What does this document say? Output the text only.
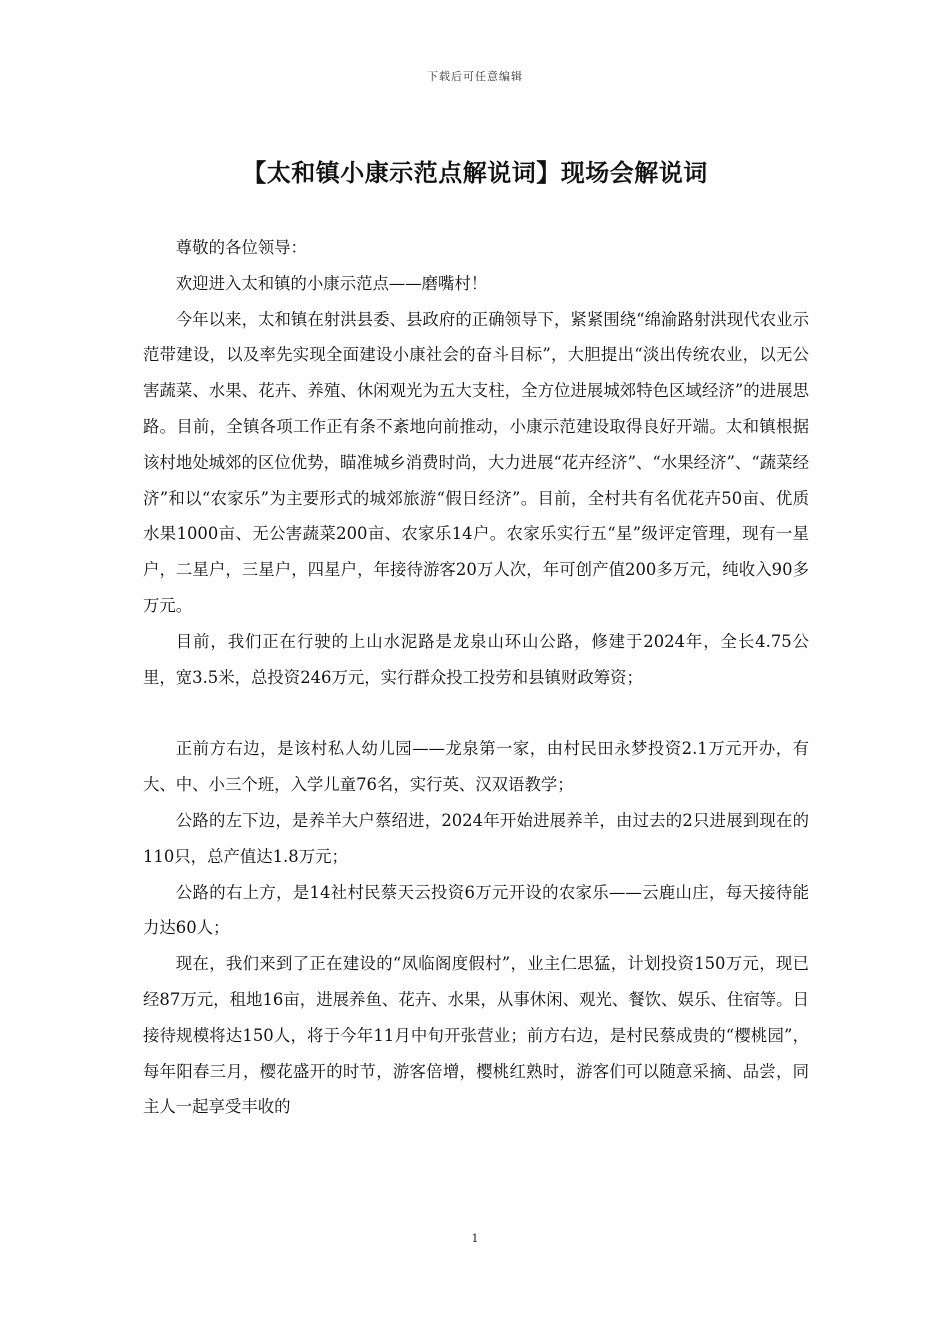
下载后可任意编辑
【太和镇小康示范点解说词】现场会解说词

尊敬的各位领导：

欢迎进入太和镇的小康示范点——磨嘴村！

今年以来，太和镇在射洪县委、县政府的正确领导下，紧紧围绕“绵渝路射洪现代农业示范带建设，以及率先实现全面建设小康社会的奋斗目标”，大胆提出“淡出传统农业，以无公害蔬菜、水果、花卉、养殖、休闲观光为五大支柱，全方位进展城郊特色区域经济”的进展思路。目前，全镇各项工作正有条不紊地向前推动，小康示范建设取得良好开端。太和镇根据该村地处城郊的区位优势，瞄准城乡消费时尚，大力进展“花卉经济”、“水果经济”、“蔬菜经济”和以“农家乐”为主要形式的城郊旅游“假日经济”。目前，全村共有名优花卉50亩、优质水果1000亩、无公害蔬菜200亩、农家乐14户。农家乐实行五“星”级评定管理，现有一星户，二星户，三星户，四星户，年接待游客20万人次，年可创产值200多万元，纯收入90多万元。

目前，我们正在行驶的上山水泥路是龙泉山环山公路，修建于2024年，全长4.75公里，宽3.5米，总投资246万元，实行群众投工投劳和县镇财政筹资；

正前方右边，是该村私人幼儿园——龙泉第一家，由村民田永梦投资2.1万元开办，有大、中、小三个班，入学儿童76名，实行英、汉双语教学；

公路的左下边，是养羊大户蔡绍进，2024年开始进展养羊，由过去的2只进展到现在的110只，总产值达1.8万元；

公路的右上方，是14社村民蔡天云投资6万元开设的农家乐——云鹿山庄，每天接待能力达60人；

现在，我们来到了正在建设的“凤临阁度假村”，业主仁思猛，计划投资150万元，现已经87万元，租地16亩，进展养鱼、花卉、水果，从事休闲、观光、餐饮、娱乐、住宿等。日接待规模将达150人，将于今年11月中旬开张营业；前方右边，是村民蔡成贵的“樱桃园”，每年阳春三月，樱花盛开的时节，游客倍增，樱桃红熟时，游客们可以随意采摘、品尝，同主人一起享受丰收的

1
